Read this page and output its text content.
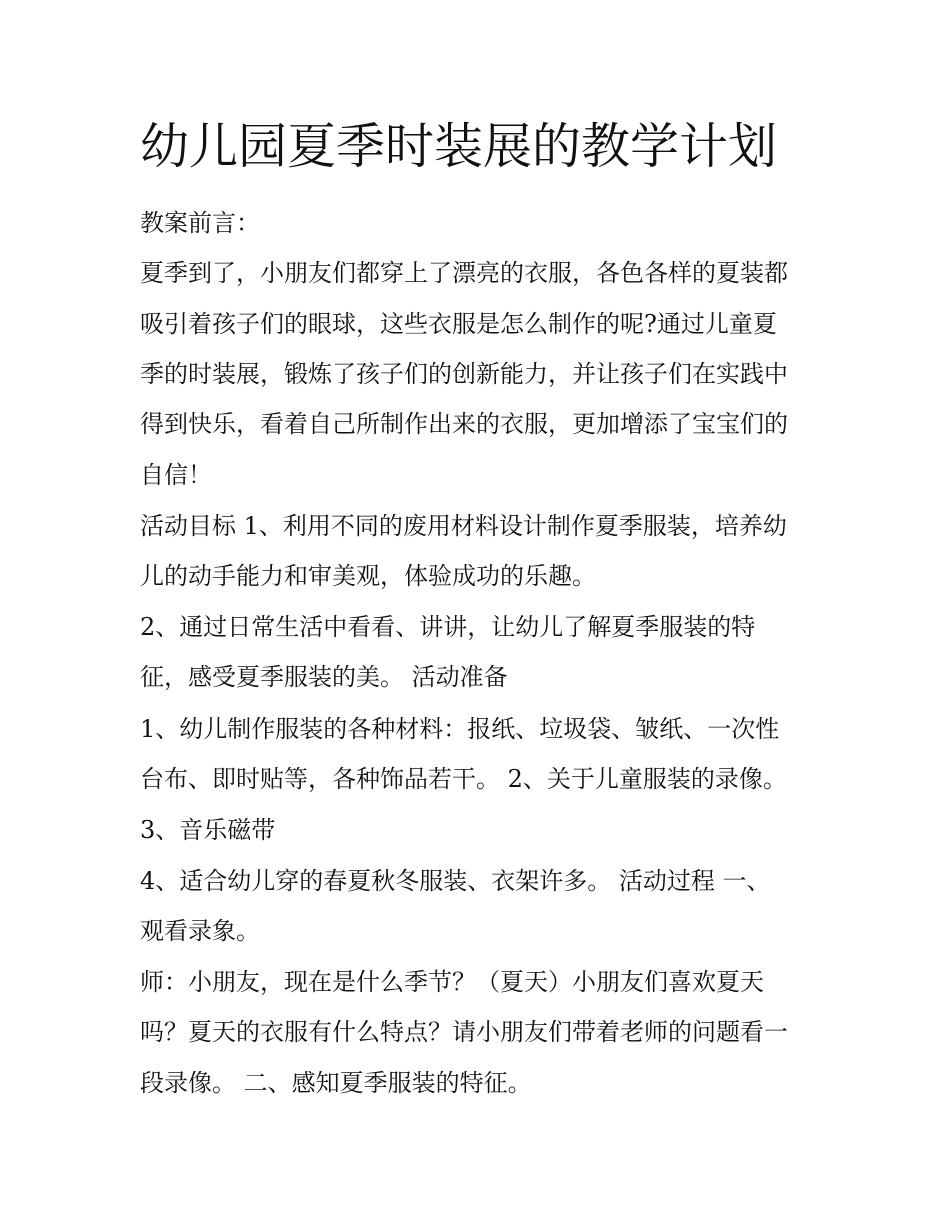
幼儿园夏季时装展的教学计划
教案前言：
夏季到了，小朋友们都穿上了漂亮的衣服，各色各样的夏装都
吸引着孩子们的眼球，这些衣服是怎么制作的呢?通过儿童夏
季的时装展，锻炼了孩子们的创新能力，并让孩子们在实践中
得到快乐，看着自己所制作出来的衣服，更加增添了宝宝们的
自信！
活动目标 1、利用不同的废用材料设计制作夏季服装，培养幼
儿的动手能力和审美观，体验成功的乐趣。
2、通过日常生活中看看、讲讲，让幼儿了解夏季服装的特
征，感受夏季服装的美。 活动准备
1、幼儿制作服装的各种材料：报纸、垃圾袋、皱纸、一次性
台布、即时贴等，各种饰品若干。 2、关于儿童服装的录像。
3、音乐磁带
4、适合幼儿穿的春夏秋冬服装、衣架许多。 活动过程 一、
观看录象。
师：小朋友，现在是什么季节？（夏天）小朋友们喜欢夏天
吗？夏天的衣服有什么特点？请小朋友们带着老师的问题看一
段录像。 二、感知夏季服装的特征。
